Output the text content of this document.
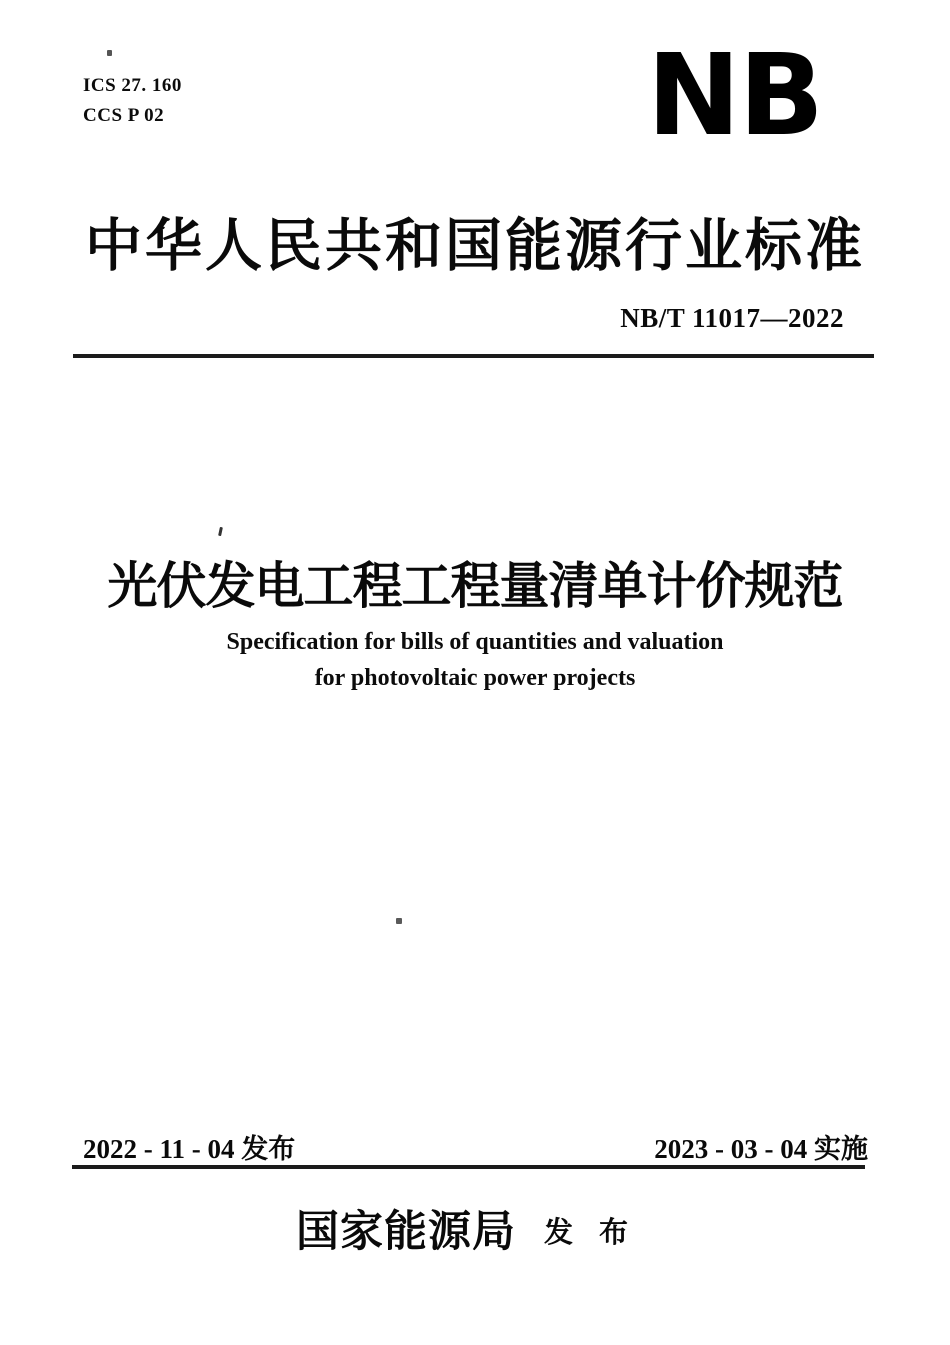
ICS 27. 160
CCS P 02	NB
中华人民共和国能源行业标准
NB/T 11017—2022
光伏发电工程工程量清单计价规范
Specification for bills of quantities and valuation
for photovoltaic power projects
2022 - 11 - 04 发布	2023 - 03 - 04 实施
国家能源局 发布
